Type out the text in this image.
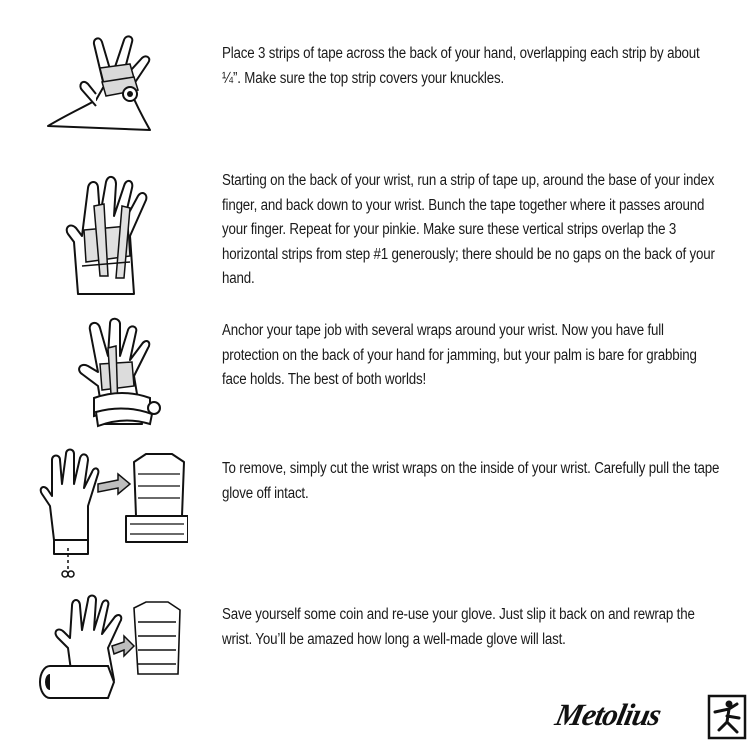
Place 3 strips of tape across the back of your hand, overlapping each strip by about ¼”. Make sure the top strip covers your knuckles.
Starting on the back of your wrist, run a strip of tape up, around the base of your index finger, and back down to your wrist. Bunch the tape together where it passes around your finger. Repeat for your pinkie. Make sure these vertical strips overlap the 3 horizontal strips from step #1 generously; there should be no gaps on the back of your hand.
Anchor your tape job with several wraps around your wrist. Now you have full protection on the back of your hand for jamming, but your palm is bare for grabbing face holds. The best of both worlds!
To remove, simply cut the wrist wraps on the inside of your wrist. Carefully pull the tape glove off intact.
Save yourself some coin and re-use your glove. Just slip it back on and rewrap the wrist. You’ll be amazed how long a well-made glove will last.
Metolius
